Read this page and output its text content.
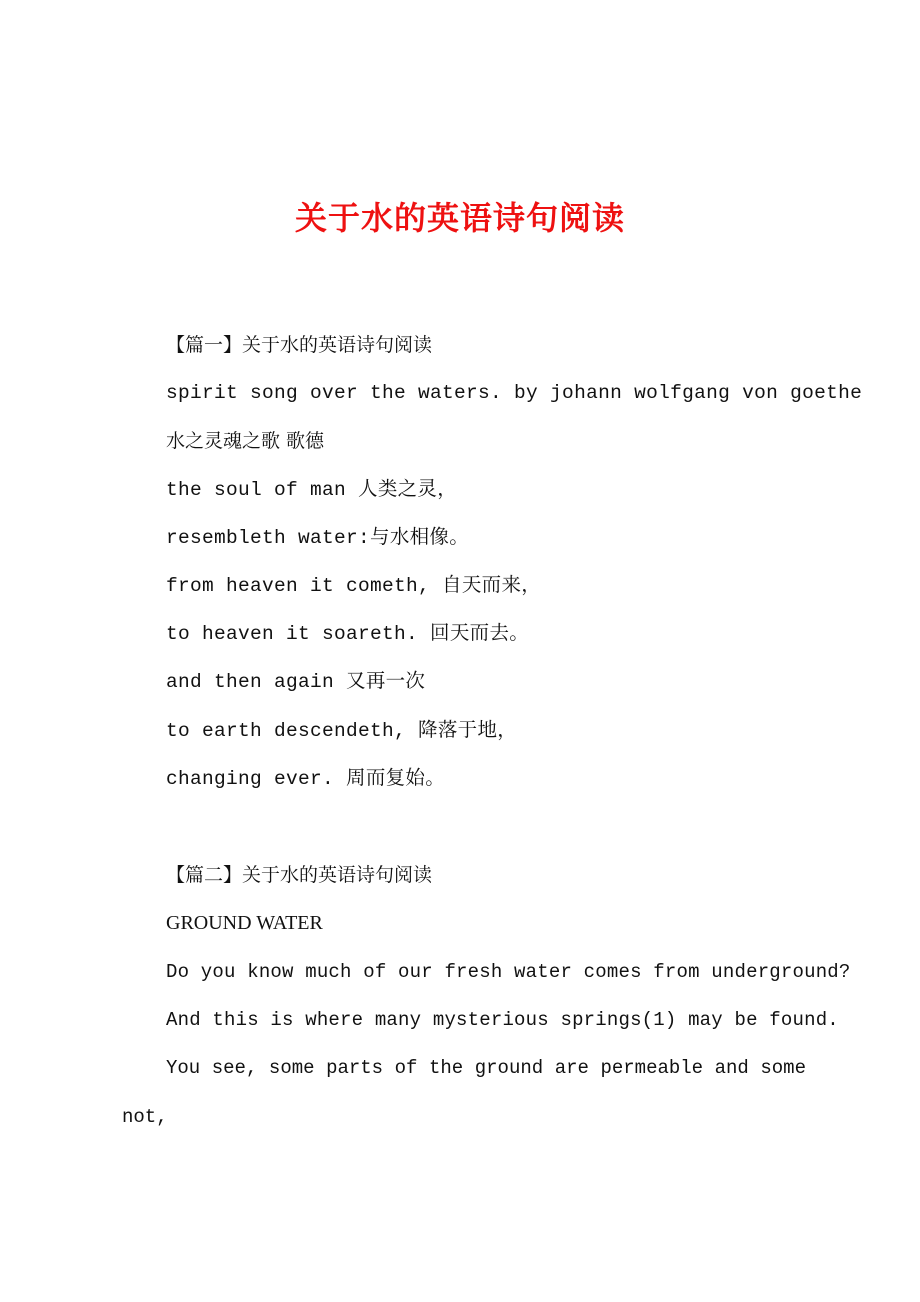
关于水的英语诗句阅读
【篇一】关于水的英语诗句阅读
spirit song over the waters. by johann wolfgang von goethe
水之灵魂之歌 歌德
the soul of man 人类之灵，
resembleth water:与水相像。
from heaven it cometh, 自天而来，
to heaven it soareth. 回天而去。
and then again 又再一次
to earth descendeth, 降落于地，
changing ever. 周而复始。
【篇二】关于水的英语诗句阅读
GROUND WATER
Do you know much of our fresh water comes from underground?
And this is where many mysterious springs(1) may be found.
You see, some parts of the ground are permeable and some
not,
